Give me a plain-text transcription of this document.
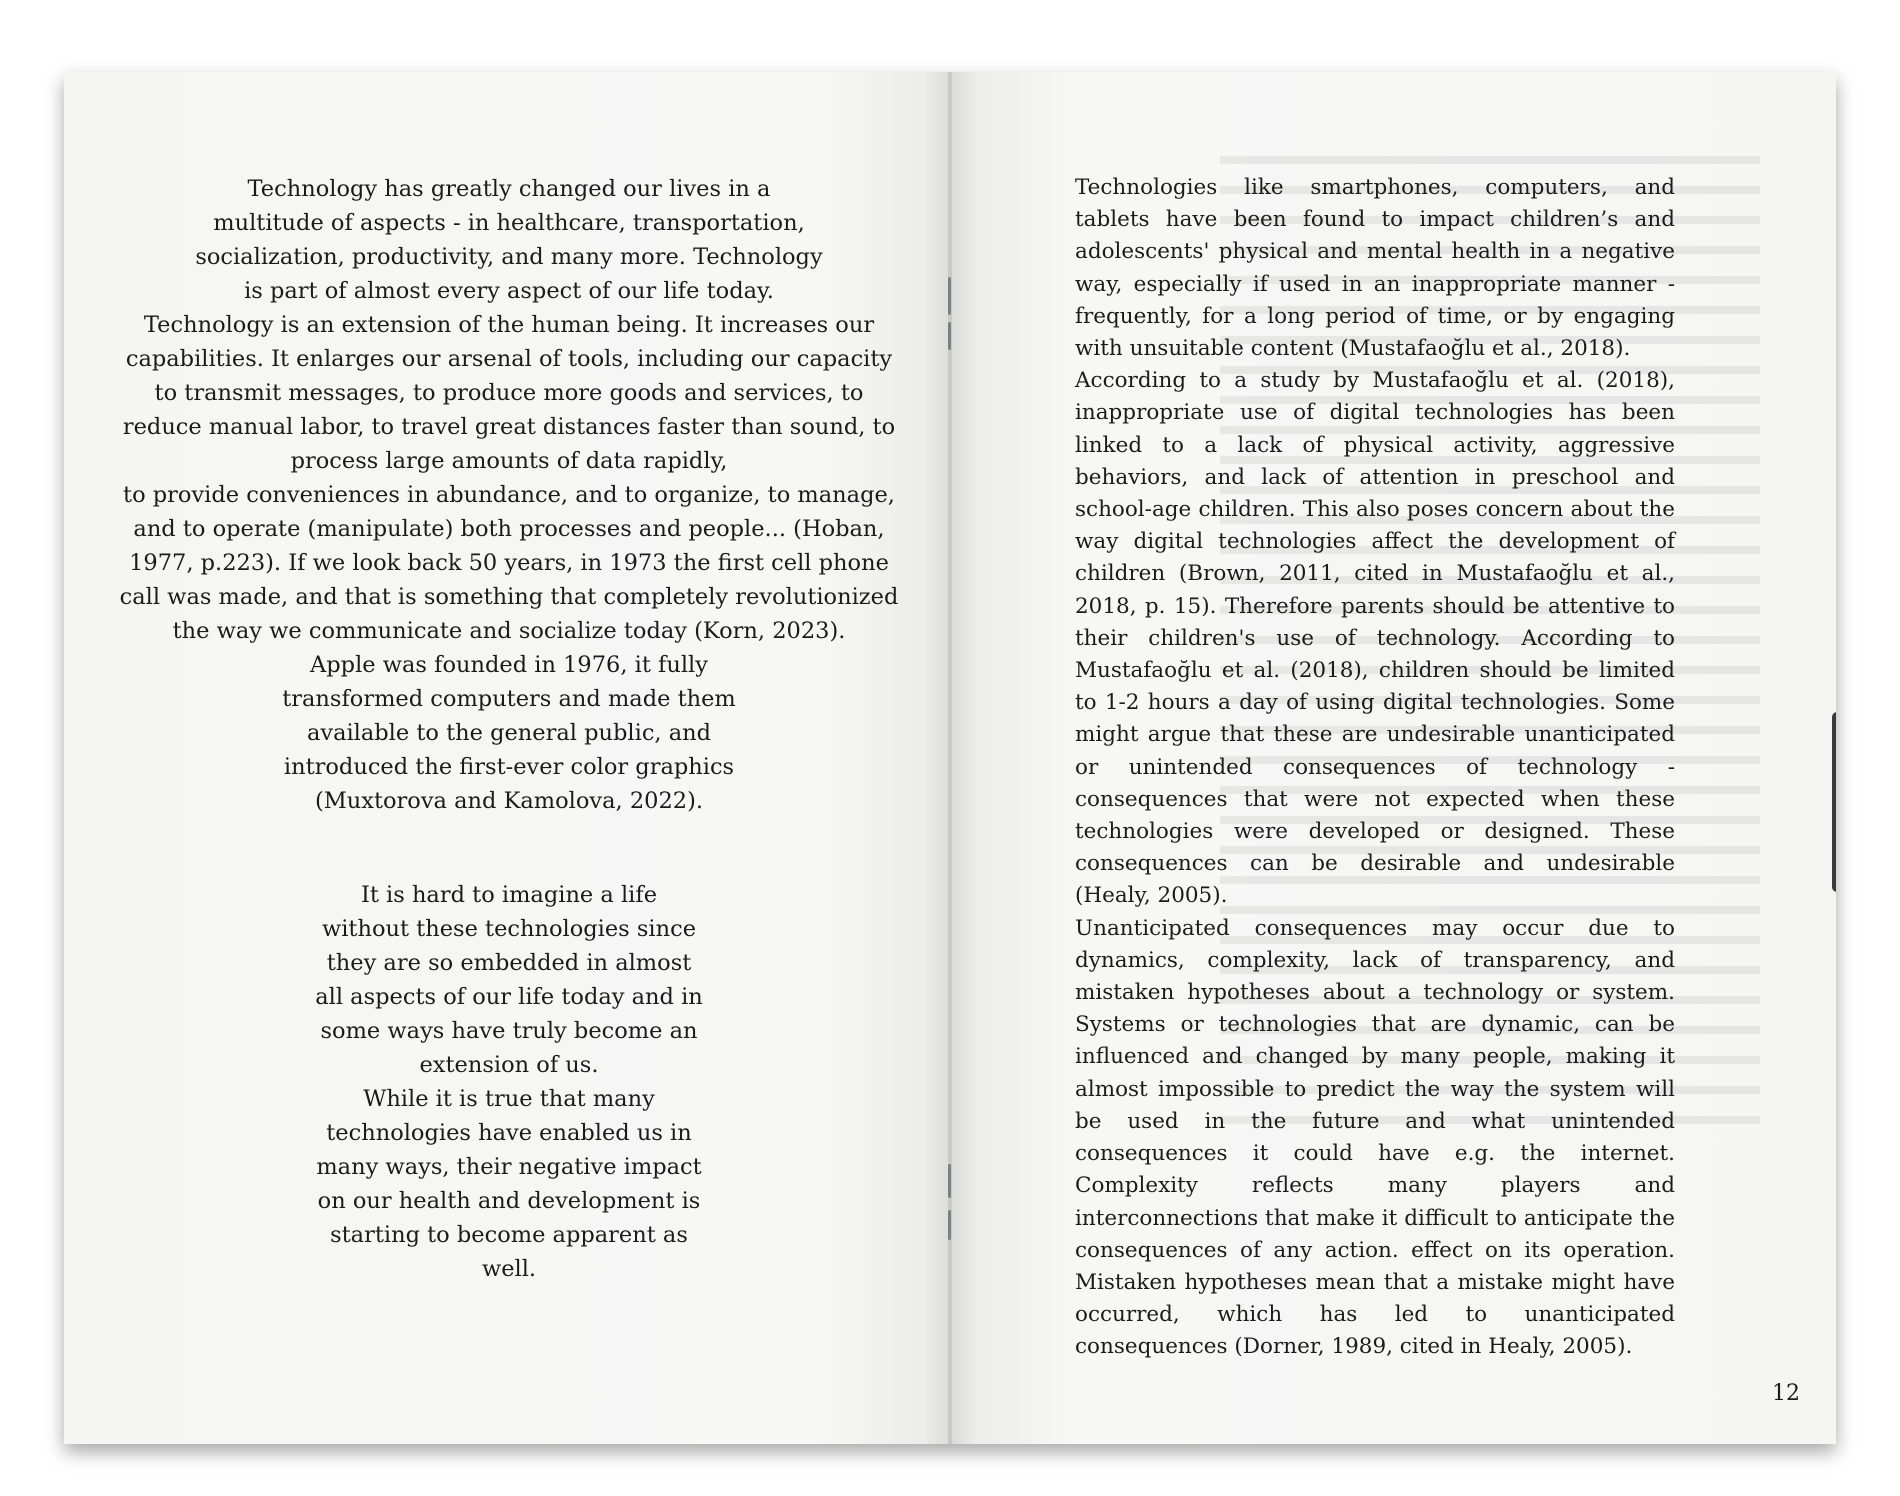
Technology has greatly changed our lives in a multitude of aspects - in healthcare, transportation, socialization, productivity, and many more. Technology is part of almost every aspect of our life today.

Technology is an extension of the human being. It increases our capabilities. It enlarges our arsenal of tools, including our capacity to transmit messages, to produce more goods and services, to reduce manual labor, to travel great distances faster than sound, to process large amounts of data rapidly,

to provide conveniences in abundance, and to organize, to manage, and to operate (manipulate) both processes and people... (Hoban, 1977, p.223). If we look back 50 years, in 1973 the first cell phone call was made, and that is something that completely revolutionized the way we communicate and socialize today (Korn, 2023).

Apple was founded in 1976, it fully transformed computers and made them available to the general public, and introduced the first-ever color graphics (Muxtorova and Kamolova, 2022).

It is hard to imagine a life without these technologies since they are so embedded in almost all aspects of our life today and in some ways have truly become an extension of us.

While it is true that many technologies have enabled us in many ways, their negative impact on our health and development is starting to become apparent as well.

Technologies like smartphones, computers, and tablets have been found to impact children’s and adolescents' physical and mental health in a negative way, especially if used in an inappropriate manner - frequently, for a long period of time, or by engaging with unsuitable content (Mustafaoğlu et al., 2018).

According to a study by Mustafaoğlu et al. (2018), inappropriate use of digital technologies has been linked to a lack of physical activity, aggressive behaviors, and lack of attention in preschool and school-age children. This also poses concern about the way digital technologies affect the development of children (Brown, 2011, cited in Mustafaoğlu et al., 2018, p. 15). Therefore parents should be attentive to their children's use of technology. According to Mustafaoğlu et al. (2018), children should be limited to 1-2 hours a day of using digital technologies. Some might argue that these are undesirable unanticipated or unintended consequences of technology - consequences that were not expected when these technologies were developed or designed. These consequences can be desirable and undesirable (Healy, 2005).

Unanticipated consequences may occur due to dynamics, complexity, lack of transparency, and mistaken hypotheses about a technology or system. Systems or technologies that are dynamic, can be influenced and changed by many people, making it almost impossible to predict the way the system will be used in the future and what unintended consequences it could have e.g. the internet. Complexity reflects many players and interconnections that make it difficult to anticipate the consequences of any action. effect on its operation. Mistaken hypotheses mean that a mistake might have occurred, which has led to unanticipated consequences (Dorner, 1989, cited in Healy, 2005).

12
